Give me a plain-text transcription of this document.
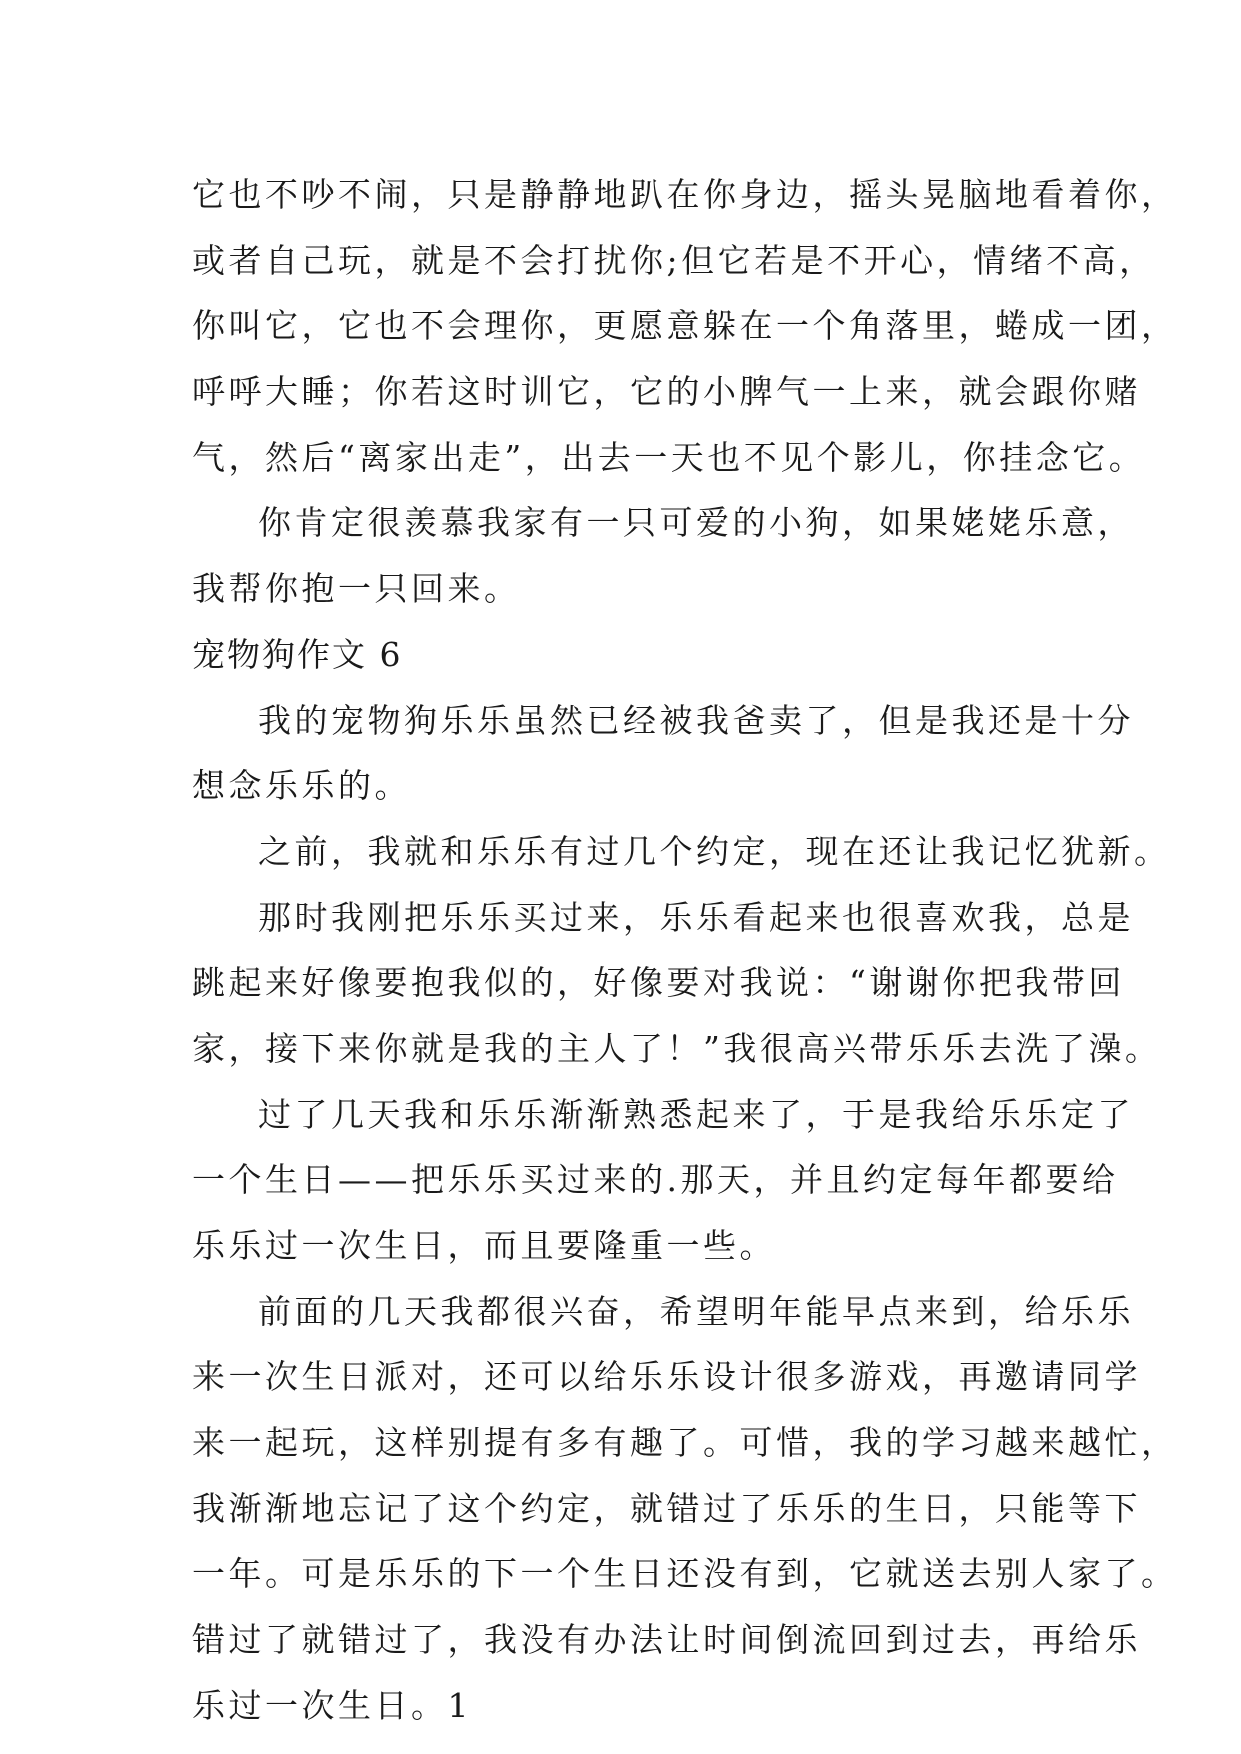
它也不吵不闹，只是静静地趴在你身边，摇头晃脑地看着你，
或者自己玩，就是不会打扰你;但它若是不开心，情绪不高，
你叫它，它也不会理你，更愿意躲在一个角落里，蜷成一团，
呼呼大睡；你若这时训它，它的小脾气一上来，就会跟你赌
气，然后“离家出走”，出去一天也不见个影儿，你挂念它。
你肯定很羡慕我家有一只可爱的小狗，如果姥姥乐意，
我帮你抱一只回来。
宠物狗作文 6
我的宠物狗乐乐虽然已经被我爸卖了，但是我还是十分
想念乐乐的。
之前，我就和乐乐有过几个约定，现在还让我记忆犹新。
那时我刚把乐乐买过来，乐乐看起来也很喜欢我，总是
跳起来好像要抱我似的，好像要对我说：“谢谢你把我带回
家，接下来你就是我的主人了！”我很高兴带乐乐去洗了澡。
过了几天我和乐乐渐渐熟悉起来了，于是我给乐乐定了
一个生日——把乐乐买过来的.那天，并且约定每年都要给
乐乐过一次生日，而且要隆重一些。
前面的几天我都很兴奋，希望明年能早点来到，给乐乐
来一次生日派对，还可以给乐乐设计很多游戏，再邀请同学
来一起玩，这样别提有多有趣了。可惜，我的学习越来越忙，
我渐渐地忘记了这个约定，就错过了乐乐的生日，只能等下
一年。可是乐乐的下一个生日还没有到，它就送去别人家了。
错过了就错过了，我没有办法让时间倒流回到过去，再给乐
乐过一次生日。1
